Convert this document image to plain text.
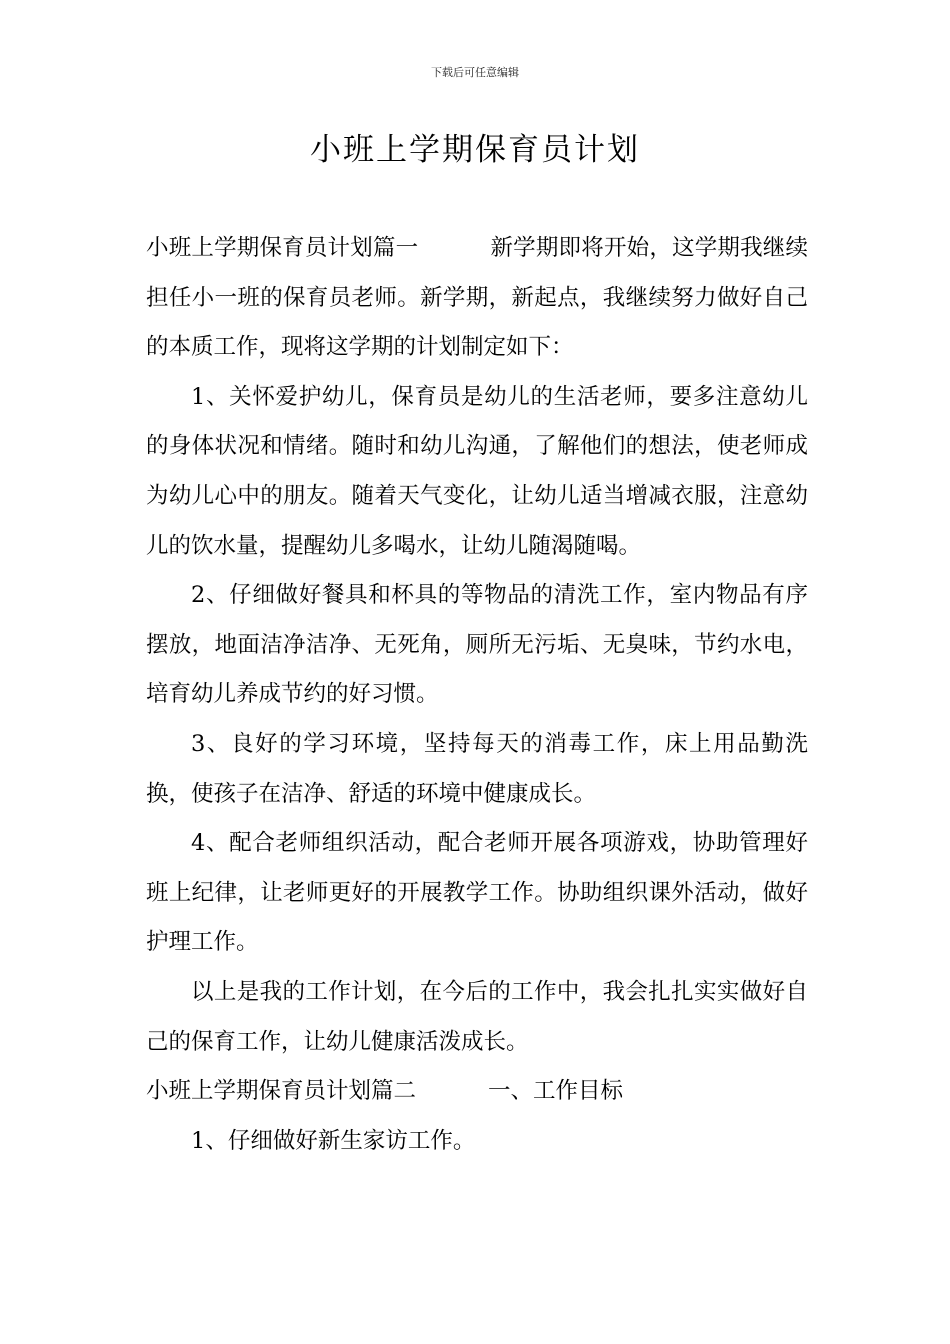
下载后可任意编辑
小班上学期保育员计划

小班上学期保育员计划篇一	新学期即将开始，这学期我继续担任小一班的保育员老师。新学期，新起点，我继续努力做好自己的本质工作，现将这学期的计划制定如下：

1、关怀爱护幼儿，保育员是幼儿的生活老师，要多注意幼儿的身体状况和情绪。随时和幼儿沟通，了解他们的想法，使老师成为幼儿心中的朋友。随着天气变化，让幼儿适当增减衣服，注意幼儿的饮水量，提醒幼儿多喝水，让幼儿随渴随喝。

2、仔细做好餐具和杯具的等物品的清洗工作，室内物品有序摆放，地面洁净洁净、无死角，厕所无污垢、无臭味，节约水电，培育幼儿养成节约的好习惯。

3、良好的学习环境，坚持每天的消毒工作，床上用品勤洗换，使孩子在洁净、舒适的环境中健康成长。

4、配合老师组织活动，配合老师开展各项游戏，协助管理好班上纪律，让老师更好的开展教学工作。协助组织课外活动，做好护理工作。

以上是我的工作计划，在今后的工作中，我会扎扎实实做好自己的保育工作，让幼儿健康活泼成长。

小班上学期保育员计划篇二	一、工作目标

1、仔细做好新生家访工作。
